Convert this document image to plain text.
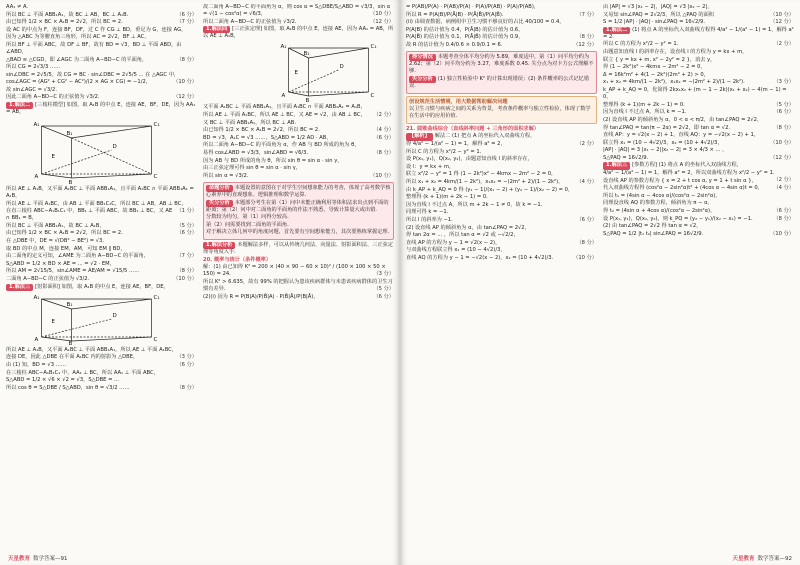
AA₁ ≠ A.

所以 BC ⊥ 平面 ABB₁A₁，故 BC ⊥ AB，BC ⊥ A₁B.	（6 分）

由已知得 1/2 × BC × A₁B = 2√2，所以 BC = 2.	（7 分）

设 AC 的中点为 F，连接 BF，DF，过 C 作 CG ⊥ BD，垂足为 G，连接 AG，

因为 △ABC 为等腰直角三角形，所以 AC = 2√2，BF ⊥ AC，

所以 BF ⊥ 平面 ABC，故 DF ⊥ BF，故有 BD = √3，BD ⊥ 平面 ABD，由 ∠ABD，

△BAD ≌ △CGD，即 ∠AGC 为二面角 A−BD−C 的平面角，	（8 分）

所以 CG = 2√3/3 ……

sin∠DBC = 2√5/5，故 CG = BC · sin∠DBC = 2√5/5 ... 在 △AGC 中，cos∠AGC = (AG² + CG² − AC²)/(2 × AG × CG) = −1/2，	（10 分）

故 sin∠AGC = √3/2.

因此二面角 A−BD−C 的正弦值为 √3/2.	（12 分）

1.解法二 [三棱柱模型] 如图，取 A₁B 的中点 E，连接 AE，BF，DE，因为 AA₁ = AB，

A₁
B₁
C₁
A
B
C
D
E

所以 AE ⊥ A₁B，又平面 A₁BC ⊥ 平面 ABB₁A₁，且平面 A₁BC ∩ 平面 ABB₁A₁ = A₁B，

所以 AE ⊥ 平面 A₁BC，由 AB ⊥ 平面 BB₁C₁C，所以 BC ⊥ AB，AB ⊥ BC，
（1 分）

在直三棱柱 ABC−A₁B₁C₁ 中，BB₁ ⊥ 平面 ABC，故 BB₁ ⊥ BC，又 AE ∩ BB₁ = B，

所以 BC ⊥ 平面 ABB₁A₁，故 BC ⊥ A₁B，	（5 分）

由已知得 1/2 × BC × A₁B = 2√2，所以 BC = 2.	（6 分）

在 △DBE 中，DE = √(DB² − BE²) = √3.

取 BD 的中点 M，连接 EM，AM，可知 EM ∥ BD，

由二面角的定义可知，∠AME 为二面角 A−BD−C 的平面角，	（7 分）

S△ABD = 1/2 × BD × AE = ... = √2 · EM，

所以 AM = 2√15/5，sin∠AME = AE/AM = √15/5 ……	（8 分）

二面角 A−BD−C 的正弦值为 √3/2.	（10 分）

1.解法三 [射影面积] 如图，取 A₁B 的中点 E，连接 AE，BF，DE，

A₁
B₁
C₁
A
B
C
D
E

所以 AE ⊥ A₁B，又平面 A₁BC ⊥ 平面 ABB₁A₁，所以 AE ⊥ 平面 A₁BC，
（3 分）

连接 DE，因此 △DBE 在平面 A₁BC 内的射影为 △DBE，

由 (1) 知，BD = √3 ……	（6 分）

在三棱柱 ABC−A₁B₁C₁ 中，AA₁ ⊥ BC，所以 AA₁ ⊥ 平面 ABC，

S△ABD = 1/2 × √6 × √2 = √3，S△DBE = ...

所以 cos θ = S△DBE / S△ABD，sin θ = √3/2 ……	（8 分）

故二面角 A−BD−C 的平面角为 α，则 cos α = S△DBE/S△ABD = √3/3，sin α = √(1 − cos²α) = √6/3，	（10 分）

所以二面角 A−BD−C 的正弦值为 √3/2.	（12 分）

1.解法四 [三正弦定理] 如图，取 A₁B 的中点 E，连接 AE，因为 AA₁ = AB，所以 AE ⊥ A₁B，

A₁
B₁
C₁
A
B
C
D
E

又平面 A₁BC ⊥ 平面 ABB₁A₁，且平面 A₁BC ∩ 平面 ABB₁A₁ = A₁B，

所以 AE ⊥ 平面 A₁BC，所以 AE ⊥ BC，又 AE = √2，由 AB ⊥ BC， （2 分）

又 BC ⊥ 平面 ABB₁A₁，所以 BC ⊥ AB.

由已知得 1/2 × BC × A₁B = 2√2，所以 BC = 2.	（4 分）

BD = √3，A₁C = √3 ……，S△ABD = 1/2 AD · AB，	（6 分）

所以二面角 A−BD−C 的平面角为 α，作 AB 与 BD 所成的角为 θ，

易得 cos∠ABD = √3/3，sin∠ABD = √6/3.	（8 分）

因为 AB 与 BD 所成的角为 θ，所以 sin θ = sin α · sin γ，

由三正弦定理可得 sin θ = sin α · sin γ，

所以 sin α = √3/2.	（10 分）

命题分析 本题设置的意图在于对学生空间想象能力的考查，体现了高考数学核心素养中的直观想象、逻辑推理和数学运算.

失分分析 本题部分考生在第（1）问中未能正确利用等体积法求出点到平面的距离；第（2）问中对二面角的平面角的作法不熟悉，导致计算量大或出错.

分数较为均匀，第（1）问得分较高.

第（2）问需要找到二面角的平面角.

对于解决立体几何中的角度问题，首先要有空间想象能力，其次要熟练掌握定理.

1.解法分析 本题解法多样，可以从传统几何法、向量法、射影面积法、三正弦定理等角度入手.

20. 概率与统计（条件概率）

解：(1) 由已知得 K² = 200 × (40 × 90 − 60 × 10)² / (100 × 100 × 50 × 150) = 24.	（3 分）

所以 K² > 6.635，故有 99% 的把握认为患该疾病群体与未患该疾病群体的卫生习惯有差异.	（5 分）

(2)(i) 因为 R = P(B|A)/P(B̄|A) · P(B̄|Ā)/P(B|Ā)，	（6 分）

天星教育 数学答案—91

= P(AB)/P(A) · P(ĀB̄)/P(Ā) · P(Ā)/P(ĀB) · P(A)/P(AB̄)，

所以 R = P(A|B)/P(Ā|B) · P(Ā|B̄)/P(A|B̄).	（7 分）

(ii) 由调查数据，病例组中卫生习惯不够良好的占比 40/100 = 0.4，

P(A|B) 的估计值为 0.4，P(Ā|B) 的估计值为 0.6，

P(A|B̄) 的估计值为 0.1，P(Ā|B̄) 的估计值为 0.9，	（8 分）

故 R 的估计值为 0.4/0.6 × 0.9/0.1 = 6.	（12 分）

得分情况 本题考查全体平均分约为 5.89，难度适中，第（1）问平均分约为 2.62；第（2）问平均分约为 3.27，难度系数 0.45. 失分点为对卡方公式理解不够.

失分分析 (1) 独立性检验中 K² 的计算出现错误；(2) 条件概率的公式记忆错误.

创设规范生活情境，用大数据帮助解决问题

以卫生习惯与疾病之间的关系为背景，考查条件概率与独立性检验，体现了数学在生活中的应用价值.

21. 圆锥曲线综合（直线斜率问题 + 三角形的面积求解）

【解析】 解法二 (1) 把点 A 的坐标代入双曲线方程，

得 4/a² − 1/(a² − 1) = 1，解得 a² = 2，	（2 分）

所以 C 的方程为 x²/2 − y² = 1.

设 P(x₁, y₁)，Q(x₂, y₂)，由题意知直线 l 的斜率存在，

设 l：y = kx + m，

联立 x²/2 − y² = 1 得 (1 − 2k²)x² − 4kmx − 2m² − 2 = 0，

所以 x₁ + x₂ = 4km/(1 − 2k²)，x₁x₂ = −(2m² + 2)/(1 − 2k²)，	（4 分）

由 k_AP + k_AQ = 0 得 (y₁ − 1)/(x₁ − 2) + (y₂ − 1)/(x₂ − 2) = 0，

整理得 (k + 1)(m + 2k − 1) = 0.

因为直线 l 不过点 A，所以 m + 2k − 1 ≠ 0，故 k = −1.

同理可得 k = −1.

所以 l 的斜率为 −1.	（6 分）

(2) 设直线 AP 的倾斜角为 α，由 tan∠PAQ = 2√2，

得 tan 2α = ... ，所以 tan α = √2 或 −√2/2，

直线 AP 的方程为 y − 1 = √2(x − 2)，	（8 分）

与双曲线方程联立得 x₁ = (10 − 4√2)/3，

直线 AQ 的方程为 y − 1 = −√2(x − 2)，x₂ = (10 + 4√2)/3.	（10 分）

由 |AP| = √3 |x₁ − 2|，|AQ| = √3 |x₂ − 2|，

又易知 sin∠PAQ = 2√2/3，所以 △PAQ 的面积	（10 分）

S = 1/2 |AP| · |AQ| · sin∠PAQ = 16√2/9.	（12 分）

1.解法二 (1) 将点 A 的坐标代入双曲线方程得 4/a² − 1/(a² − 1) = 1，解得 a² = 2.

所以 C 的方程为 x²/2 − y² = 1.	（2 分）

由题意知直线 l 的斜率存在，设直线 l 的方程为 y = kx + m，

联立 { y = kx + m, x² − 2y² = 2 }，消去 y，

得 (1 − 2k²)x² − 4kmx − 2m² − 2 = 0，

Δ = 16k²m² + 4(1 − 2k²)(2m² + 2) > 0，

x₁ + x₂ = 4km/(1 − 2k²)，x₁x₂ = −(2m² + 2)/(1 − 2k²).	（3 分）

k_AP + k_AQ = 0，化简得 2kx₁x₂ + (m − 1 − 2k)(x₁ + x₂) − 4(m − 1) = 0，

整理得 (k + 1)(m + 2k − 1) = 0.	（5 分）

因为直线 l 不过点 A，所以 k = −1.	（6 分）

(2) 设直线 AP 的倾斜角为 α，0 < α < π/2，由 tan∠PAQ = 2√2，

得 tan∠PAQ = tan(π − 2α) = 2√2，即 tan α = √2.	（8 分）

直线 AP：y = √2(x − 2) + 1，直线 AQ：y = −√2(x − 2) + 1，

联立得 x₁ = (10 − 4√2)/3，x₂ = (10 + 4√2)/3，	（10 分）

|AP| · |AQ| = 3 |x₁ − 2||x₂ − 2| = 3 × 4/3 × ... ，

S△PAQ = 16√2/9.	（12 分）

1.解法三 [参数方程] (1) 将点 A 的坐标代入双曲线方程，

4/a² − 1/(a² − 1) = 1，解得 a² = 2，所以双曲线方程为 x²/2 − y² = 1.
（2 分）

设直线 AP 的参数方程为 { x = 2 + t cos α, y = 1 + t sin α }，

代入双曲线方程得 (cos²α − 2sin²α)t² + (4cos α − 4sin α)t = 0， （4 分）

所以 t₁ = (4sin α − 4cos α)/(cos²α − 2sin²α)，

同理设直线 AQ 的参数方程，倾斜角为 π − α，

得 t₂ = (4sin α + 4cos α)/(cos²α − 2sin²α)，	（6 分）

设 P(x₁, y₁)，Q(x₂, y₂)，则 k_PQ = (y₂ − y₁)/(x₂ − x₁) = −1.	（8 分）

(2) 由 tan∠PAQ = 2√2 得 tan α = √2，

S△PAQ = 1/2 |t₁ t₂| sin∠PAQ = 16√2/9.	（10 分）

天星教育 数学答案—92
